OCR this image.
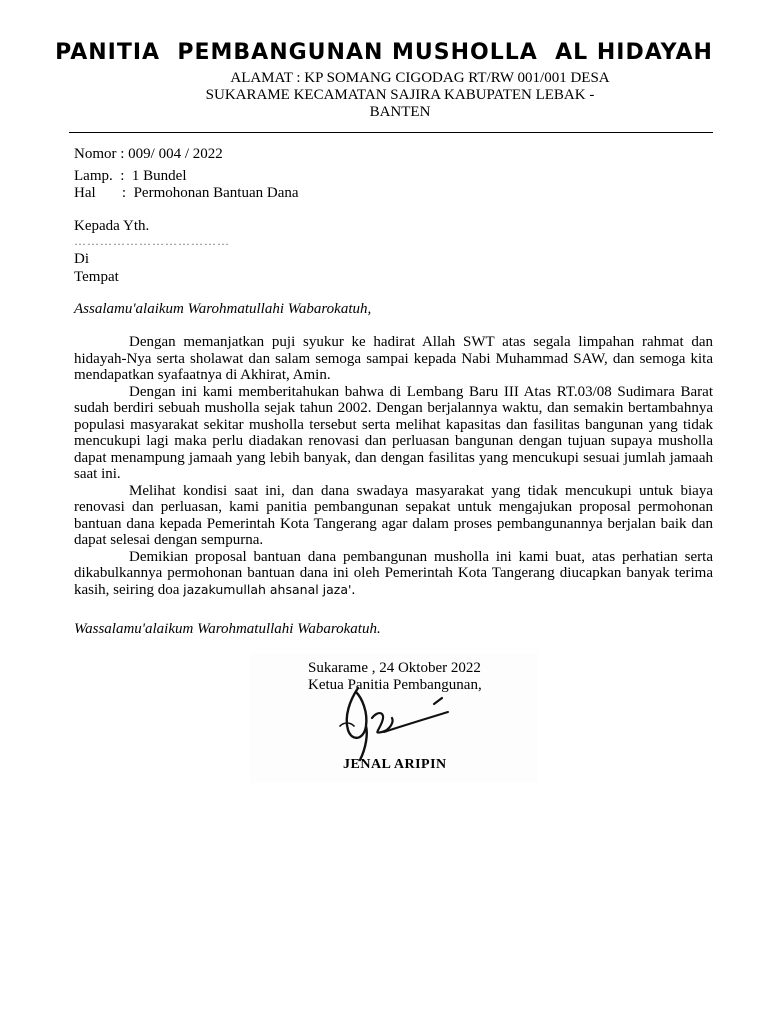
PANITIA  PEMBANGUNAN MUSHOLLA  AL HIDAYAH
ALAMAT : KP SOMANG CIGODAG RT/RW 001/001 DESA
SUKARAME KECAMATAN SAJIRA KABUPATEN LEBAK -
BANTEN
Nomor : 009/ 004 / 2022
Lamp.  :  1 Bundel
Hal       :  Permohonan Bantuan Dana
Kepada Yth.
………………………………
Di
Tempat
Assalamu'alaikum Warohmatullahi Wabarokatuh,

Dengan memanjatkan puji syukur ke hadirat Allah SWT atas segala limpahan rahmat dan hidayah-Nya serta sholawat dan salam semoga sampai kepada Nabi Muhammad SAW, dan semoga kita mendapatkan syafaatnya di Akhirat, Amin.

Dengan ini kami memberitahukan bahwa di Lembang Baru III Atas RT.03/08 Sudimara Barat sudah berdiri sebuah musholla sejak tahun 2002. Dengan berjalannya waktu, dan semakin bertambahnya populasi masyarakat sekitar musholla tersebut serta melihat kapasitas dan fasilitas bangunan yang tidak mencukupi lagi maka perlu diadakan renovasi dan perluasan bangunan dengan tujuan supaya musholla dapat menampung jamaah yang lebih banyak, dan dengan fasilitas yang mencukupi sesuai jumlah jamaah saat ini.

Melihat kondisi saat ini, dan dana swadaya masyarakat yang tidak mencukupi untuk biaya renovasi dan perluasan, kami panitia pembangunan sepakat untuk mengajukan proposal permohonan bantuan dana kepada Pemerintah Kota Tangerang agar dalam proses pembangunannya berjalan baik dan dapat selesai dengan sempurna.

Demikian proposal bantuan dana pembangunan musholla ini kami buat, atas perhatian serta dikabulkannya permohonan bantuan dana ini oleh Pemerintah Kota Tangerang diucapkan banyak terima kasih, seiring doa jazakumullah ahsanal jaza'.

Wassalamu'alaikum Warohmatullahi Wabarokatuh.
Sukarame , 24 Oktober 2022
Ketua Panitia Pembangunan,
JENAL ARIPIN
